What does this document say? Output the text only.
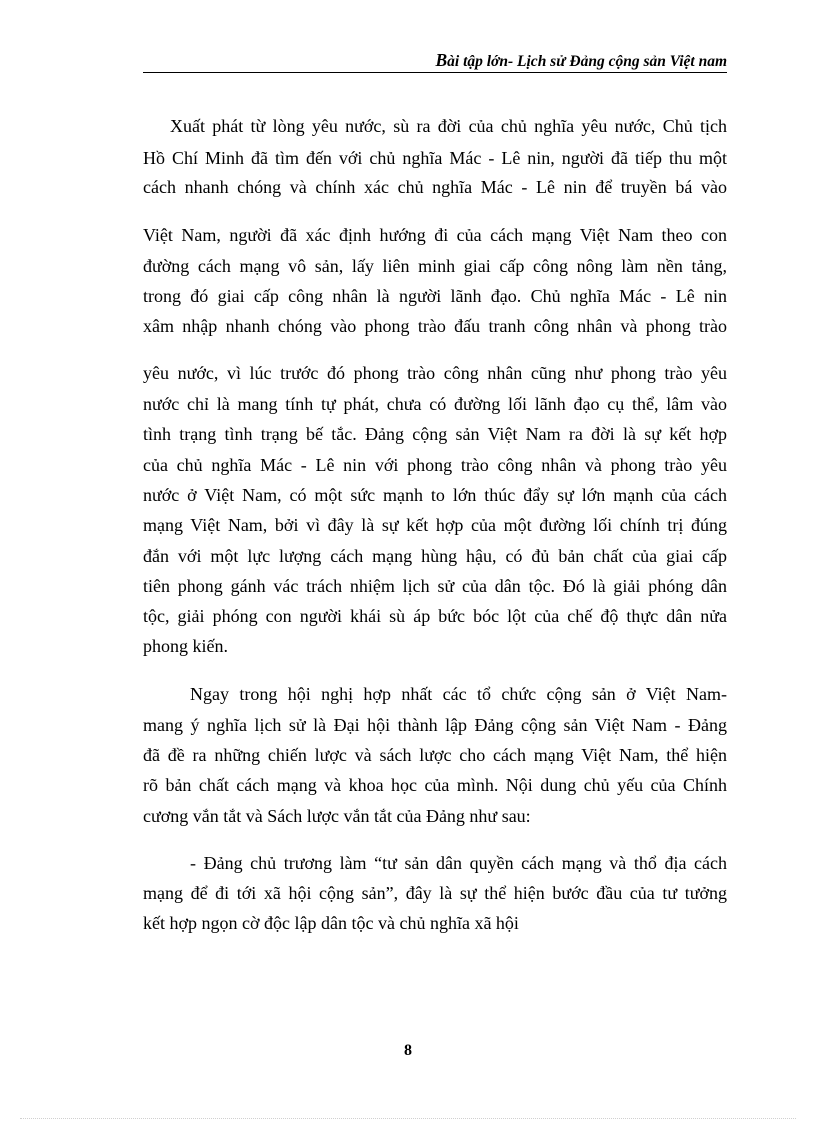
Bài tập lớn- Lịch sử Đảng cộng sản Việt nam
Xuất phát từ lòng yêu nước, sù ra đời của chủ nghĩa yêu nước, Chủ tịch
Hồ Chí Minh đã tìm đến với chủ nghĩa Mác - Lê nin, người đã tiếp thu một
cách nhanh chóng và chính xác chủ nghĩa Mác - Lê nin để truyền bá vào
Việt Nam, người đã xác định hướng đi của cách mạng Việt Nam theo con
đường cách mạng vô sản, lấy liên minh giai cấp công nông làm nền tảng,
trong đó giai cấp công nhân là người lãnh đạo. Chủ nghĩa Mác - Lê nin
xâm nhập nhanh chóng vào phong trào đấu tranh công nhân và phong trào
yêu nước, vì lúc trước đó phong trào công nhân cũng như phong trào yêu
nước chỉ là mang tính tự phát, chưa có đường lối lãnh đạo cụ thể, lâm vào
tình trạng tình trạng bế tắc. Đảng cộng sản Việt Nam ra đời là sự kết hợp
của chủ nghĩa Mác - Lê nin với phong trào công nhân và phong trào yêu
nước ở Việt Nam, có một sức mạnh to lớn thúc đẩy sự lớn mạnh của cách
mạng Việt Nam, bởi vì đây là sự kết hợp của một đường lối chính trị đúng
đắn với một lực lượng cách mạng hùng hậu, có đủ bản chất của giai cấp
tiên phong gánh vác trách nhiệm lịch sử của dân tộc. Đó là giải phóng dân
tộc, giải phóng con người khái sù áp bức bóc lột của chế độ thực dân nửa
phong kiến.
Ngay trong hội nghị hợp nhất các tổ chức cộng sản ở Việt Nam-
mang ý nghĩa lịch sử là Đại hội thành lập Đảng cộng sản Việt Nam - Đảng
đã đề ra những chiến lược và sách lược cho cách mạng Việt Nam, thể hiện
rõ bản chất cách mạng và khoa học của mình. Nội dung chủ yếu của Chính
cương vắn tắt và Sách lược vắn tắt của Đảng như sau:
- Đảng chủ trương làm “tư sản dân quyền cách mạng và thổ địa cách
mạng để đi tới xã hội cộng sản”, đây là sự thể hiện bước đầu của tư tưởng
kết hợp ngọn cờ độc lập dân tộc và chủ nghĩa xã hội
8
